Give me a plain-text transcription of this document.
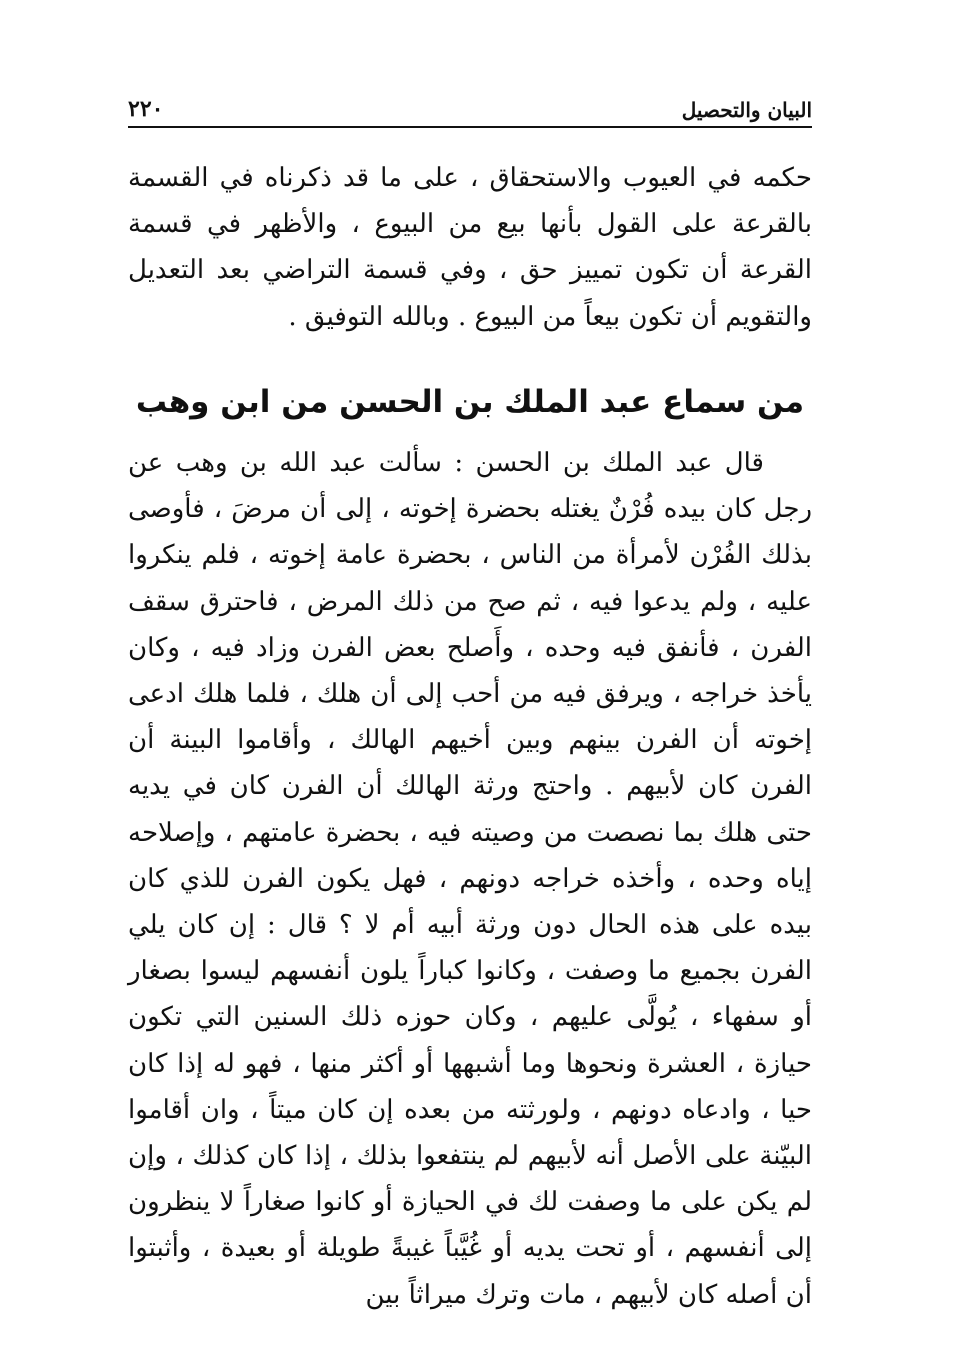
البيان والتحصيل
٢٢٠

حكمه في العيوب والاستحقاق ، على ما قد ذكرناه في القسمة بالقرعة على القول بأنها بيع من البيوع ، والأظهر في قسمة القرعة أن تكون تمييز حق ، وفي قسمة التراضي بعد التعديل والتقويم أن تكون بيعاً من البيوع . وبالله التوفيق .

من سماع عبد الملك بن الحسن من ابن وهب

قال عبد الملك بن الحسن : سألت عبد الله بن وهب عن رجل كان بيده فُرْنٌ يغتله بحضرة إخوته ، إلى أن مرضَ ، فأوصى بذلك الفُرْن لأمرأة من الناس ، بحضرة عامة إخوته ، فلم ينكروا عليه ، ولم يدعوا فيه ، ثم صح من ذلك المرض ، فاحترق سقف الفرن ، فأنفق فيه وحده ، وأَصلح بعض الفرن وزاد فيه ، وكان يأخذ خراجه ، ويرفق فيه من أحب إلى أن هلك ، فلما هلك ادعى إخوته أن الفرن بينهم وبين أخيهم الهالك ، وأقاموا البينة أن الفرن كان لأبيهم . واحتج ورثة الهالك أن الفرن كان في يديه حتى هلك بما نصصت من وصيته فيه ، بحضرة عامتهم ، وإصلاحه إياه وحده ، وأخذه خراجه دونهم ، فهل يكون الفرن للذي كان بيده على هذه الحال دون ورثة أبيه أم لا ؟ قال : إن كان يلي الفرن بجميع ما وصفت ، وكانوا كباراً يلون أنفسهم ليسوا بصغار أو سفهاء ، يُولَّى عليهم ، وكان حوزه ذلك السنين التي تكون حيازة ، العشرة ونحوها وما أشبهها أو أكثر منها ، فهو له إذا كان حيا ، وادعاه دونهم ، ولورثته من بعده إن كان ميتاً ، وان أقاموا البيّنة على الأصل أنه لأبيهم لم ينتفعوا بذلك ، إذا كان كذلك ، وإن لم يكن على ما وصفت لك في الحيازة أو كانوا صغاراً لا ينظرون إلى أنفسهم ، أو تحت يديه أو غُيَّباً غيبةً طويلة أو بعيدة ، وأثبتوا أن أصله كان لأبيهم ، مات وترك ميراثاً بين
